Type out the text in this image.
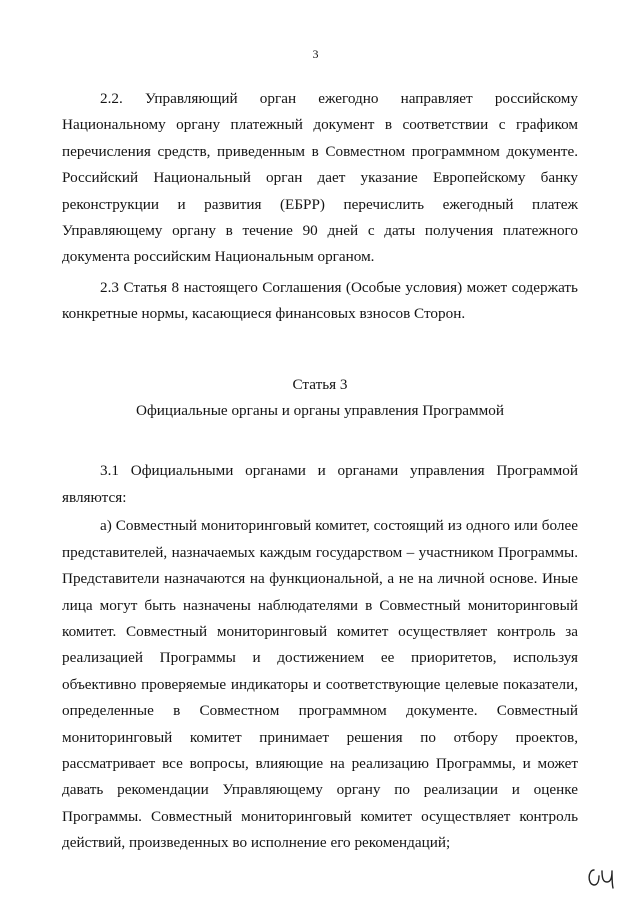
3

2.2. Управляющий орган ежегодно направляет российскому Национальному органу платежный документ в соответствии с графиком перечисления средств, приведенным в Совместном программном документе. Российский Национальный орган дает указание Европейскому банку реконструкции и развития (ЕБРР) перечислить ежегодный платеж Управляющему органу в течение 90 дней с даты получения платежного документа российским Национальным органом.

2.3 Статья 8 настоящего Соглашения (Особые условия) может содержать конкретные нормы, касающиеся финансовых взносов Сторон.

Статья 3

Официальные органы и органы управления Программой

3.1 Официальными органами и органами управления Программой являются:

а) Совместный мониторинговый комитет, состоящий из одного или более представителей, назначаемых каждым государством – участником Программы. Представители назначаются на функциональной, а не на личной основе. Иные лица могут быть назначены наблюдателями в Совместный мониторинговый комитет. Совместный мониторинговый комитет осуществляет контроль за реализацией Программы и достижением ее приоритетов, используя объективно проверяемые индикаторы и соответствующие целевые показатели, определенные в Совместном программном документе. Совместный мониторинговый комитет принимает решения по отбору проектов, рассматривает все вопросы, влияющие на реализацию Программы, и может давать рекомендации Управляющему органу по реализации и оценке Программы. Совместный мониторинговый комитет осуществляет контроль действий, произведенных во исполнение его рекомендаций;
